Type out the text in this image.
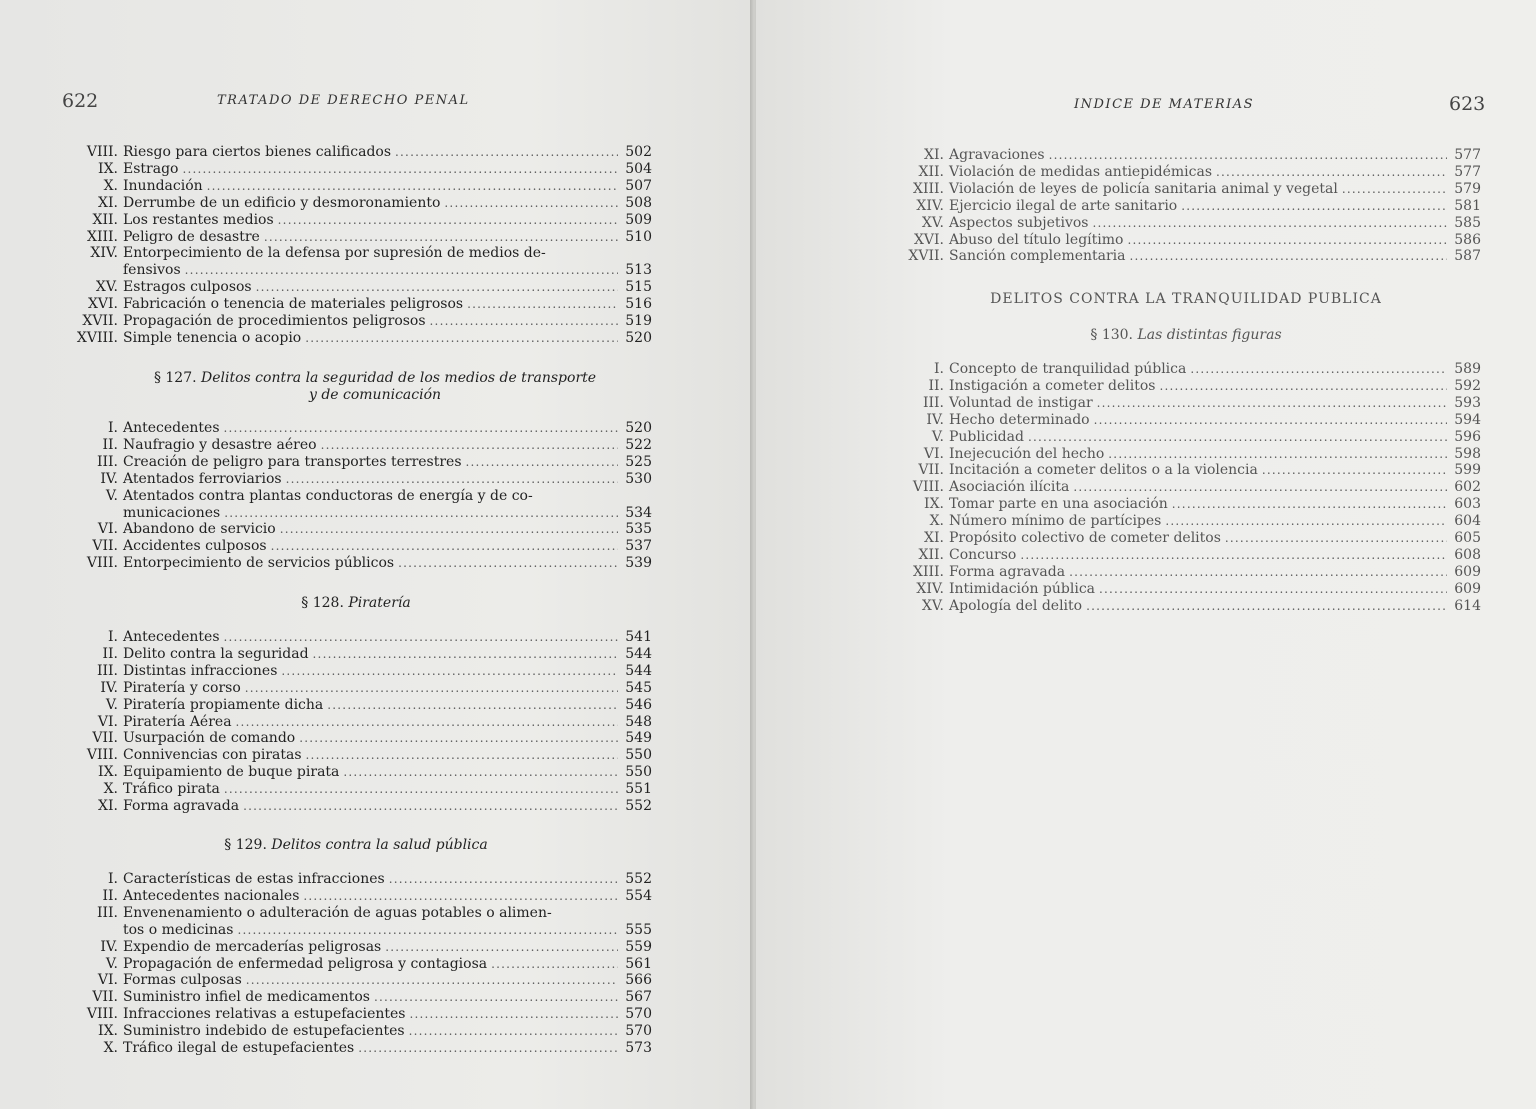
622	TRATADO DE DERECHO PENAL
VIII. Riesgo para ciertos bienes calificados .....	502
IX. Estrago .....	504
X. Inundación .....	507
XI. Derrumbe de un edificio y desmoronamiento .....	508
XII. Los restantes medios .....	509
XIII. Peligro de desastre .....	510
XIV. Entorpecimiento de la defensa por supresión de medios de-
fensivos .....	513
XV. Estragos culposos .....	515
XVI. Fabricación o tenencia de materiales peligrosos .....	516
XVII. Propagación de procedimientos peligrosos .....	519
XVIII. Simple tenencia o acopio .....	520
§ 127. Delitos contra la seguridad de los medios de transporte
y de comunicación
I. Antecedentes .....	520
II. Naufragio y desastre aéreo .....	522
III. Creación de peligro para transportes terrestres .....	525
IV. Atentados ferroviarios .....	530
V. Atentados contra plantas conductoras de energía y de co-
municaciones .....	534
VI. Abandono de servicio .....	535
VII. Accidentes culposos .....	537
VIII. Entorpecimiento de servicios públicos .....	539
§ 128. Piratería
I. Antecedentes .....	541
II. Delito contra la seguridad .....	544
III. Distintas infracciones .....	544
IV. Piratería y corso .....	545
V. Piratería propiamente dicha .....	546
VI. Piratería Aérea .....	548
VII. Usurpación de comando .....	549
VIII. Connivencias con piratas .....	550
IX. Equipamiento de buque pirata .....	550
X. Tráfico pirata .....	551
XI. Forma agravada .....	552
§ 129. Delitos contra la salud pública
I. Características de estas infracciones .....	552
II. Antecedentes nacionales .....	554
III. Envenenamiento o adulteración de aguas potables o alimen-
tos o medicinas .....	555
IV. Expendio de mercaderías peligrosas .....	559
V. Propagación de enfermedad peligrosa y contagiosa .....	561
VI. Formas culposas .....	566
VII. Suministro infiel de medicamentos .....	567
VIII. Infracciones relativas a estupefacientes .....	570
IX. Suministro indebido de estupefacientes .....	570
X. Tráfico ilegal de estupefacientes .....	573
INDICE DE MATERIAS	623
XI. Agravaciones .....	577
XII. Violación de medidas antiepidémicas .....	577
XIII. Violación de leyes de policía sanitaria animal y vegetal .....	579
XIV. Ejercicio ilegal de arte sanitario .....	581
XV. Aspectos subjetivos .....	585
XVI. Abuso del título legítimo .....	586
XVII. Sanción complementaria .....	587
DELITOS CONTRA LA TRANQUILIDAD PUBLICA
§ 130. Las distintas figuras
I. Concepto de tranquilidad pública .....	589
II. Instigación a cometer delitos .....	592
III. Voluntad de instigar .....	593
IV. Hecho determinado .....	594
V. Publicidad .....	596
VI. Inejecución del hecho .....	598
VII. Incitación a cometer delitos o a la violencia .....	599
VIII. Asociación ilícita .....	602
IX. Tomar parte en una asociación .....	603
X. Número mínimo de partícipes .....	604
XI. Propósito colectivo de cometer delitos .....	605
XII. Concurso .....	608
XIII. Forma agravada .....	609
XIV. Intimidación pública .....	609
XV. Apología del delito .....	614
